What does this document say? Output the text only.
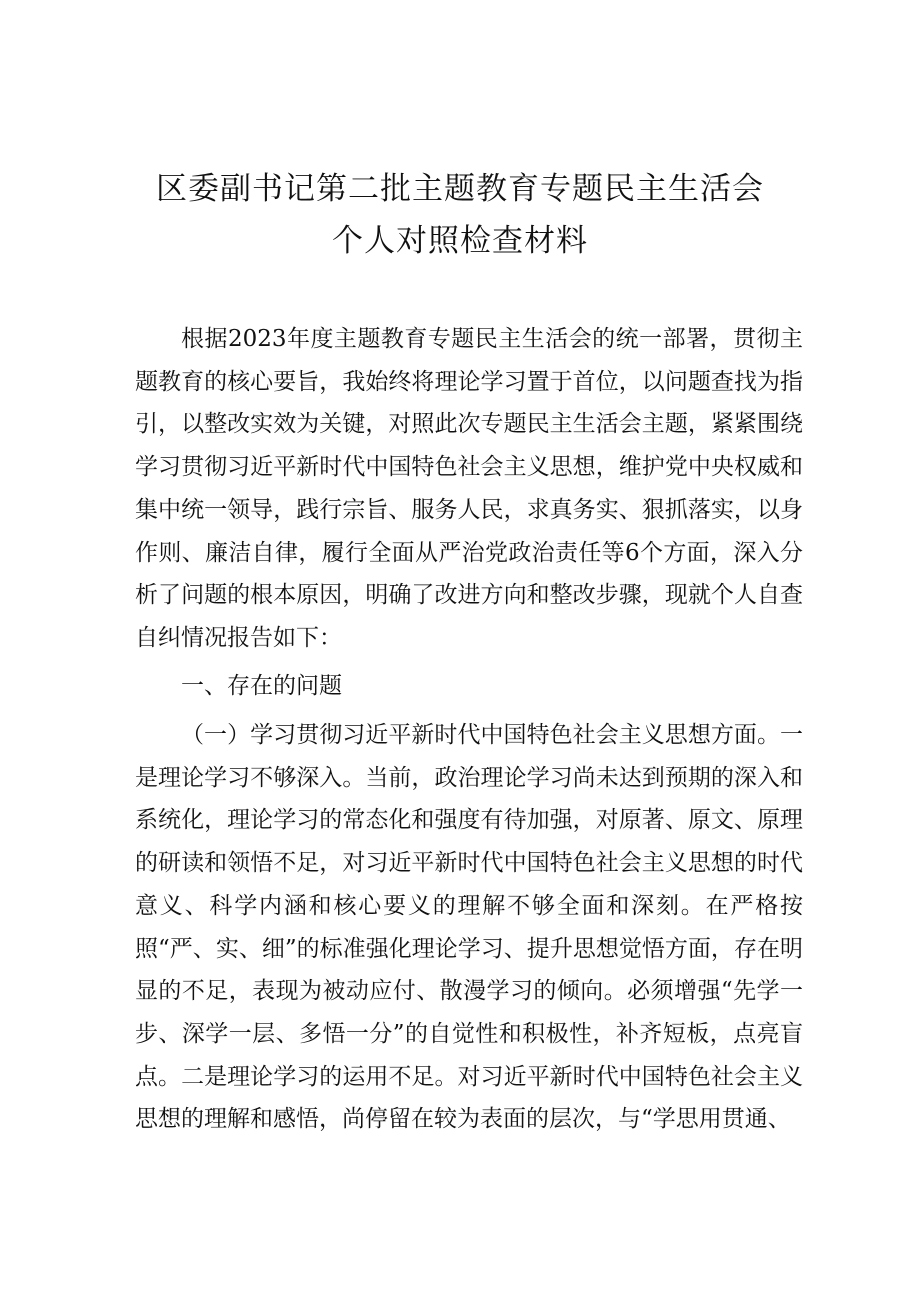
区委副书记第二批主题教育专题民主生活会
个人对照检查材料

根据2023年度主题教育专题民主生活会的统一部署，贯彻主题教育的核心要旨，我始终将理论学习置于首位，以问题查找为指引，以整改实效为关键，对照此次专题民主生活会主题，紧紧围绕学习贯彻习近平新时代中国特色社会主义思想，维护党中央权威和集中统一领导，践行宗旨、服务人民，求真务实、狠抓落实，以身作则、廉洁自律，履行全面从严治党政治责任等6个方面，深入分析了问题的根本原因，明确了改进方向和整改步骤，现就个人自查自纠情况报告如下：

一、存在的问题

（一）学习贯彻习近平新时代中国特色社会主义思想方面。一是理论学习不够深入。当前，政治理论学习尚未达到预期的深入和系统化，理论学习的常态化和强度有待加强，对原著、原文、原理的研读和领悟不足，对习近平新时代中国特色社会主义思想的时代意义、科学内涵和核心要义的理解不够全面和深刻。在严格按照“严、实、细”的标准强化理论学习、提升思想觉悟方面，存在明显的不足，表现为被动应付、散漫学习的倾向。必须增强“先学一步、深学一层、多悟一分”的自觉性和积极性，补齐短板，点亮盲点。二是理论学习的运用不足。对习近平新时代中国特色社会主义思想的理解和感悟，尚停留在较为表面的层次，与“学思用贯通、
